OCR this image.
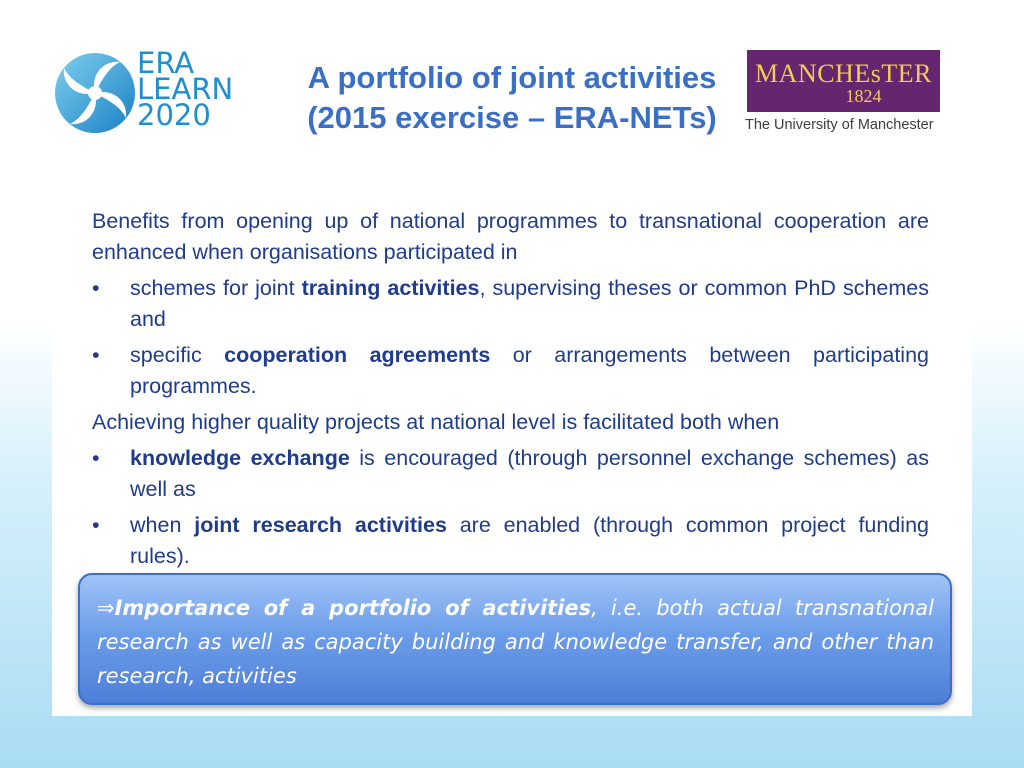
ERA
LEARN
2020
A portfolio of joint activities
(2015 exercise – ERA-NETs)
MANCHEsTER
1824
The University of Manchester
Benefits from opening up of national programmes to transnational cooperation are enhanced when organisations participated in
• schemes for joint training activities, supervising theses or common PhD schemes and
• specific cooperation agreements or arrangements between participating programmes.
Achieving higher quality projects at national level is facilitated both when
• knowledge exchange is encouraged (through personnel exchange schemes) as well as
• when joint research activities are enabled (through common project funding rules).
⇒Importance of a portfolio of activities, i.e. both actual transnational research as well as capacity building and knowledge transfer, and other than research, activities
